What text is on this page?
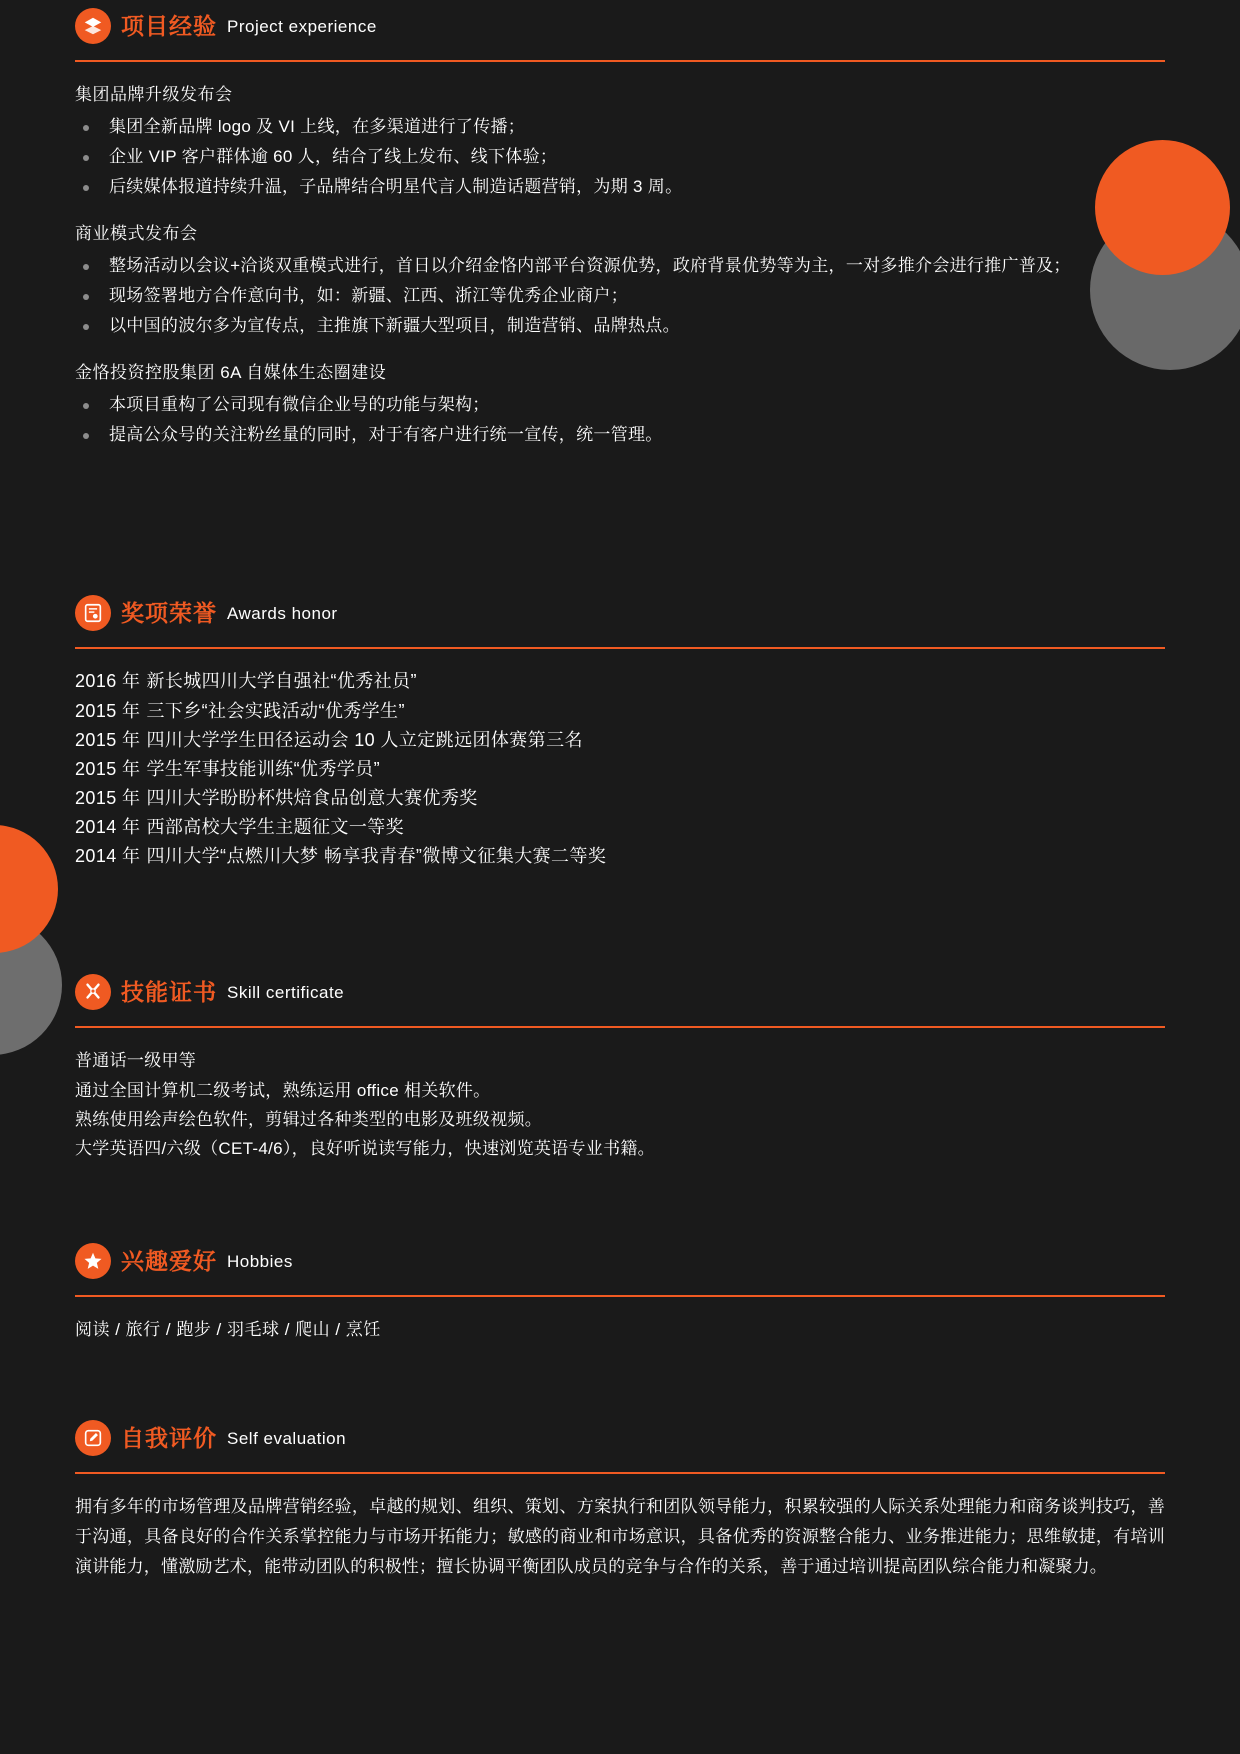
项目经验 Project experience
集团品牌升级发布会
集团全新品牌 logo 及 VI 上线，在多渠道进行了传播；
企业 VIP 客户群体逾 60 人，结合了线上发布、线下体验；
后续媒体报道持续升温，子品牌结合明星代言人制造话题营销，为期 3 周。
商业模式发布会
整场活动以会议+洽谈双重模式进行，首日以介绍金恪内部平台资源优势，政府背景优势等为主，一对多推介会进行推广普及；
现场签署地方合作意向书，如：新疆、江西、浙江等优秀企业商户；
以中国的波尔多为宣传点，主推旗下新疆大型项目，制造营销、品牌热点。
金恪投资控股集团 6A 自媒体生态圈建设
本项目重构了公司现有微信企业号的功能与架构；
提高公众号的关注粉丝量的同时，对于有客户进行统一宣传，统一管理。
奖项荣誉 Awards honor
2016 年 新长城四川大学自强社“优秀社员”
2015 年 三下乡“社会实践活动“优秀学生”
2015 年 四川大学学生田径运动会 10 人立定跳远团体赛第三名
2015 年 学生军事技能训练“优秀学员”
2015 年 四川大学盼盼杯烘焙食品创意大赛优秀奖
2014 年 西部高校大学生主题征文一等奖
2014 年 四川大学“点燃川大梦 畅享我青春”微博文征集大赛二等奖
技能证书 Skill certificate
普通话一级甲等
通过全国计算机二级考试，熟练运用 office 相关软件。
熟练使用绘声绘色软件，剪辑过各种类型的电影及班级视频。
大学英语四/六级（CET-4/6），良好听说读写能力，快速浏览英语专业书籍。
兴趣爱好 Hobbies
阅读 / 旅行 / 跑步 / 羽毛球 / 爬山 / 烹饪
自我评价 Self evaluation
拥有多年的市场管理及品牌营销经验，卓越的规划、组织、策划、方案执行和团队领导能力，积累较强的人际关系处理能力和商务谈判技巧，善于沟通，具备良好的合作关系掌控能力与市场开拓能力；敏感的商业和市场意识，具备优秀的资源整合能力、业务推进能力；思维敏捷，有培训演讲能力，懂激励艺术，能带动团队的积极性；擅长协调平衡团队成员的竞争与合作的关系，善于通过培训提高团队综合能力和凝聚力。
